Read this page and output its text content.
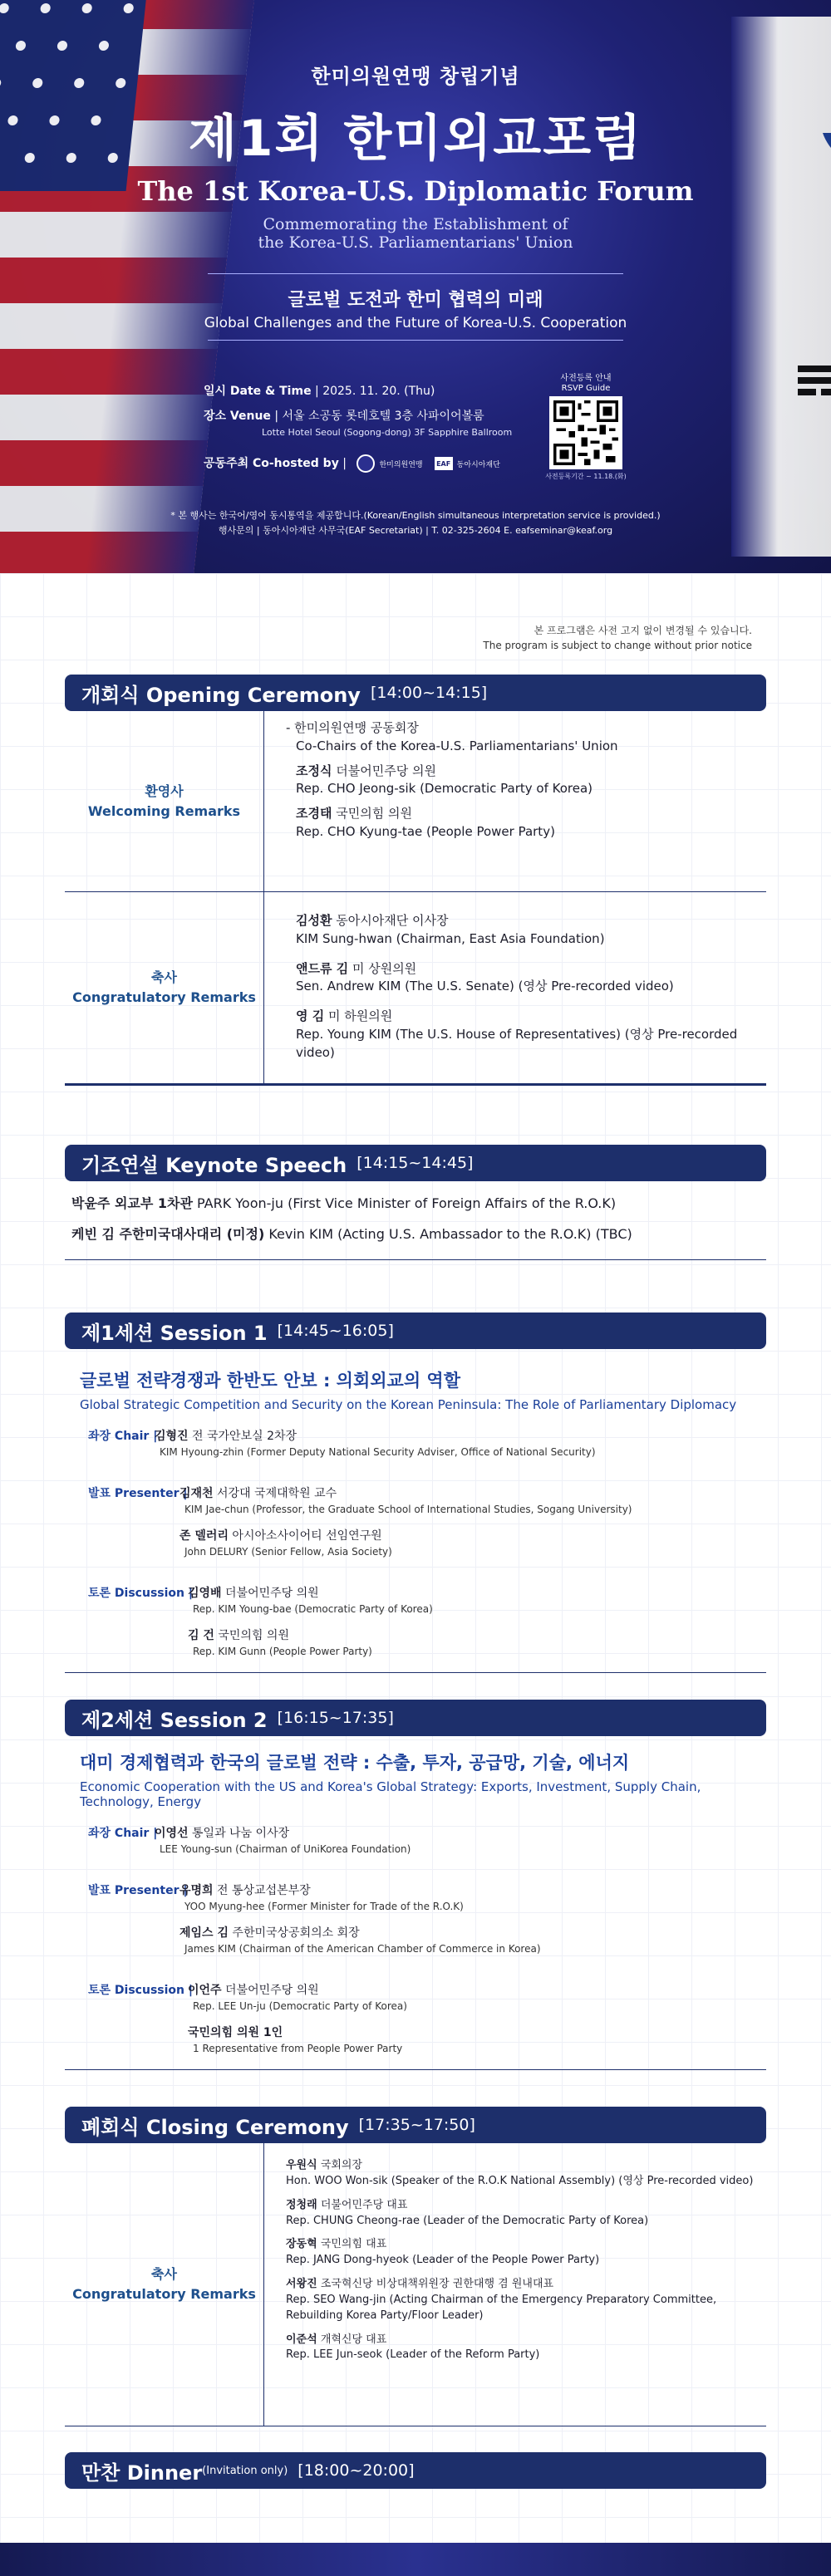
한미의원연맹 창립기념
제1회 한미외교포럼
The 1st Korea-U.S. Diplomatic Forum
Commemorating the Establishment of
the Korea-U.S. Parliamentarians' Union
글로벌 도전과 한미 협력의 미래
Global Challenges and the Future of Korea-U.S. Cooperation
일시 Date & Time | 2025. 11. 20. (Thu)
장소 Venue | 서울 소공동 롯데호텔 3층 사파이어볼룸
Lotte Hotel Seoul (Sogong-dong) 3F Sapphire Ballroom
공동주최 Co-hosted by |	한미의원연맹	EAF 동아시아재단
사전등록 안내
RSVP Guide
사전등록기간 ~ 11.18.(화)
* 본 행사는 한국어/영어 동시통역을 제공합니다.(Korean/English simultaneous interpretation service is provided.)
행사문의 | 동아시아재단 사무국(EAF Secretariat) | T. 02-325-2604 E. eafseminar@keaf.org
본 프로그램은 사전 고지 없이 변경될 수 있습니다.
The program is subject to change without prior notice
개회식 Opening Ceremony [14:00~14:15]
환영사
Welcoming Remarks
- 한미의원연맹 공동회장
Co-Chairs of the Korea-U.S. Parliamentarians' Union
조정식 더불어민주당 의원
Rep. CHO Jeong-sik (Democratic Party of Korea)
조경태 국민의힘 의원
Rep. CHO Kyung-tae (People Power Party)
축사
Congratulatory Remarks
김성환 동아시아재단 이사장
KIM Sung-hwan (Chairman, East Asia Foundation)
앤드류 김 미 상원의원
Sen. Andrew KIM (The U.S. Senate) (영상 Pre-recorded video)
영 김 미 하원의원
Rep. Young KIM (The U.S. House of Representatives) (영상 Pre-recorded video)
기조연설 Keynote Speech [14:15~14:45]
박윤주 외교부 1차관 PARK Yoon-ju (First Vice Minister of Foreign Affairs of the R.O.K)
케빈 김 주한미국대사대리 (미정) Kevin KIM (Acting U.S. Ambassador to the R.O.K) (TBC)
제1세션 Session 1 [14:45~16:05]
글로벌 전략경쟁과 한반도 안보 : 의회외교의 역할
Global Strategic Competition and Security on the Korean Peninsula: The Role of Parliamentary Diplomacy
좌장 Chair |
김형진 전 국가안보실 2차장
KIM Hyoung-zhin (Former Deputy National Security Adviser, Office of National Security)
발표 Presenter |
김재천 서강대 국제대학원 교수
KIM Jae-chun (Professor, the Graduate School of International Studies, Sogang University)
존 델러리 아시아소사이어티 선임연구원
John DELURY (Senior Fellow, Asia Society)
토론 Discussion |
김영배 더불어민주당 의원
Rep. KIM Young-bae (Democratic Party of Korea)
김 건 국민의힘 의원
Rep. KIM Gunn (People Power Party)
제2세션 Session 2 [16:15~17:35]
대미 경제협력과 한국의 글로벌 전략 : 수출, 투자, 공급망, 기술, 에너지
Economic Cooperation with the US and Korea's Global Strategy: Exports, Investment, Supply Chain, Technology, Energy
좌장 Chair |
이영선 통일과 나눔 이사장
LEE Young-sun (Chairman of UniKorea Foundation)
발표 Presenter |
유명희 전 통상교섭본부장
YOO Myung-hee (Former Minister for Trade of the R.O.K)
제임스 김 주한미국상공회의소 회장
James KIM (Chairman of the American Chamber of Commerce in Korea)
토론 Discussion |
이언주 더불어민주당 의원
Rep. LEE Un-ju (Democratic Party of Korea)
국민의힘 의원 1인
1 Representative from People Power Party
폐회식 Closing Ceremony [17:35~17:50]
축사
Congratulatory Remarks
우원식 국회의장
Hon. WOO Won-sik (Speaker of the R.O.K National Assembly) (영상 Pre-recorded video)
정청래 더불어민주당 대표
Rep. CHUNG Cheong-rae (Leader of the Democratic Party of Korea)
장동혁 국민의힘 대표
Rep. JANG Dong-hyeok (Leader of the People Power Party)
서왕진 조국혁신당 비상대책위원장 권한대행 겸 원내대표
Rep. SEO Wang-jin (Acting Chairman of the Emergency Preparatory Committee, Rebuilding Korea Party/Floor Leader)
이준석 개혁신당 대표
Rep. LEE Jun-seok (Leader of the Reform Party)
만찬 Dinner (Invitation only) [18:00~20:00]
